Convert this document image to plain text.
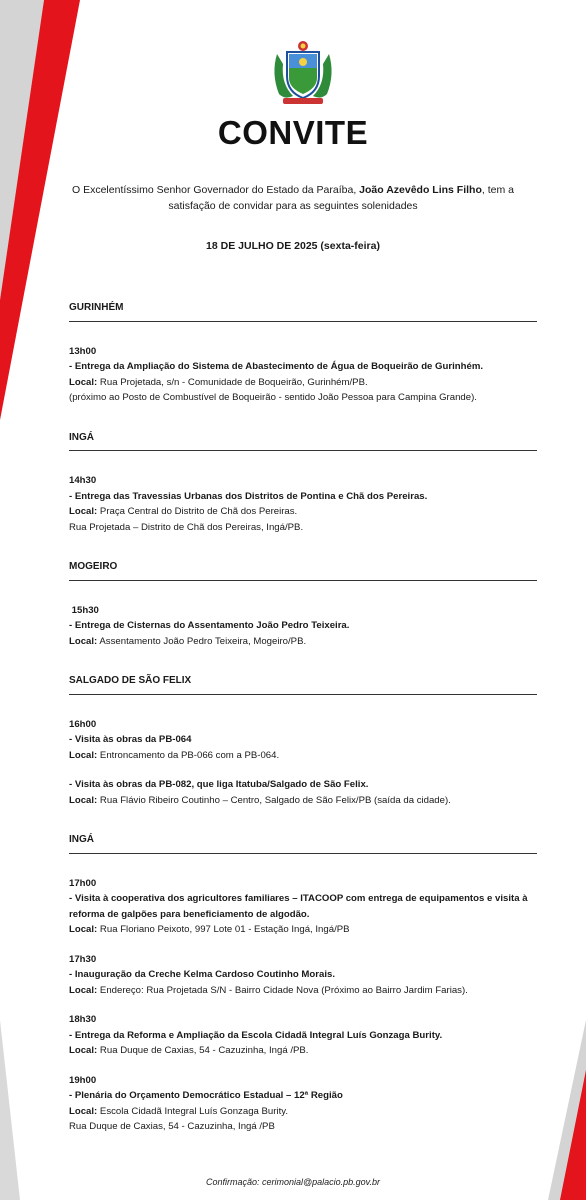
CONVITE
O Excelentíssimo Senhor Governador do Estado da Paraíba, João Azevêdo Lins Filho, tem a satisfação de convidar para as seguintes solenidades
18 DE JULHO DE 2025 (sexta-feira)
GURINHÉM
13h00
- Entrega da Ampliação do Sistema de Abastecimento de Água de Boqueirão de Gurinhém.
Local: Rua Projetada, s/n - Comunidade de Boqueirão, Gurinhém/PB.
(próximo ao Posto de Combustível de Boqueirão - sentido João Pessoa para Campina Grande).
INGÁ
14h30
- Entrega das Travessias Urbanas dos Distritos de Pontina e Chã dos Pereiras.
Local: Praça Central do Distrito de Chã dos Pereiras.
Rua Projetada – Distrito de Chã dos Pereiras, Ingá/PB.
MOGEIRO
15h30
- Entrega de Cisternas do Assentamento João Pedro Teixeira.
Local: Assentamento João Pedro Teixeira, Mogeiro/PB.
SALGADO DE SÃO FELIX
16h00
- Visita às obras da PB-064
Local: Entroncamento da PB-066 com a PB-064.
- Visita às obras da PB-082, que liga Itatuba/Salgado de São Felix.
Local: Rua Flávio Ribeiro Coutinho – Centro, Salgado de São Felix/PB (saída da cidade).
INGÁ
17h00
- Visita à cooperativa dos agricultores familiares – ITACOOP com entrega de equipamentos e visita à reforma de galpões para beneficiamento de algodão.
Local: Rua Floriano Peixoto, 997 Lote 01 - Estação Ingá, Ingá/PB
17h30
- Inauguração da Creche Kelma Cardoso Coutinho Morais.
Local: Endereço: Rua Projetada S/N - Bairro Cidade Nova (Próximo ao Bairro Jardim Farias).
18h30
- Entrega da Reforma e Ampliação da Escola Cidadã Integral Luís Gonzaga Burity.
Local: Rua Duque de Caxias, 54 - Cazuzinha, Ingá /PB.
19h00
- Plenária do Orçamento Democrático Estadual – 12ª Região
Local: Escola Cidadã Integral Luís Gonzaga Burity.
Rua Duque de Caxias, 54 - Cazuzinha, Ingá /PB
Confirmação: cerimonial@palacio.pb.gov.br
